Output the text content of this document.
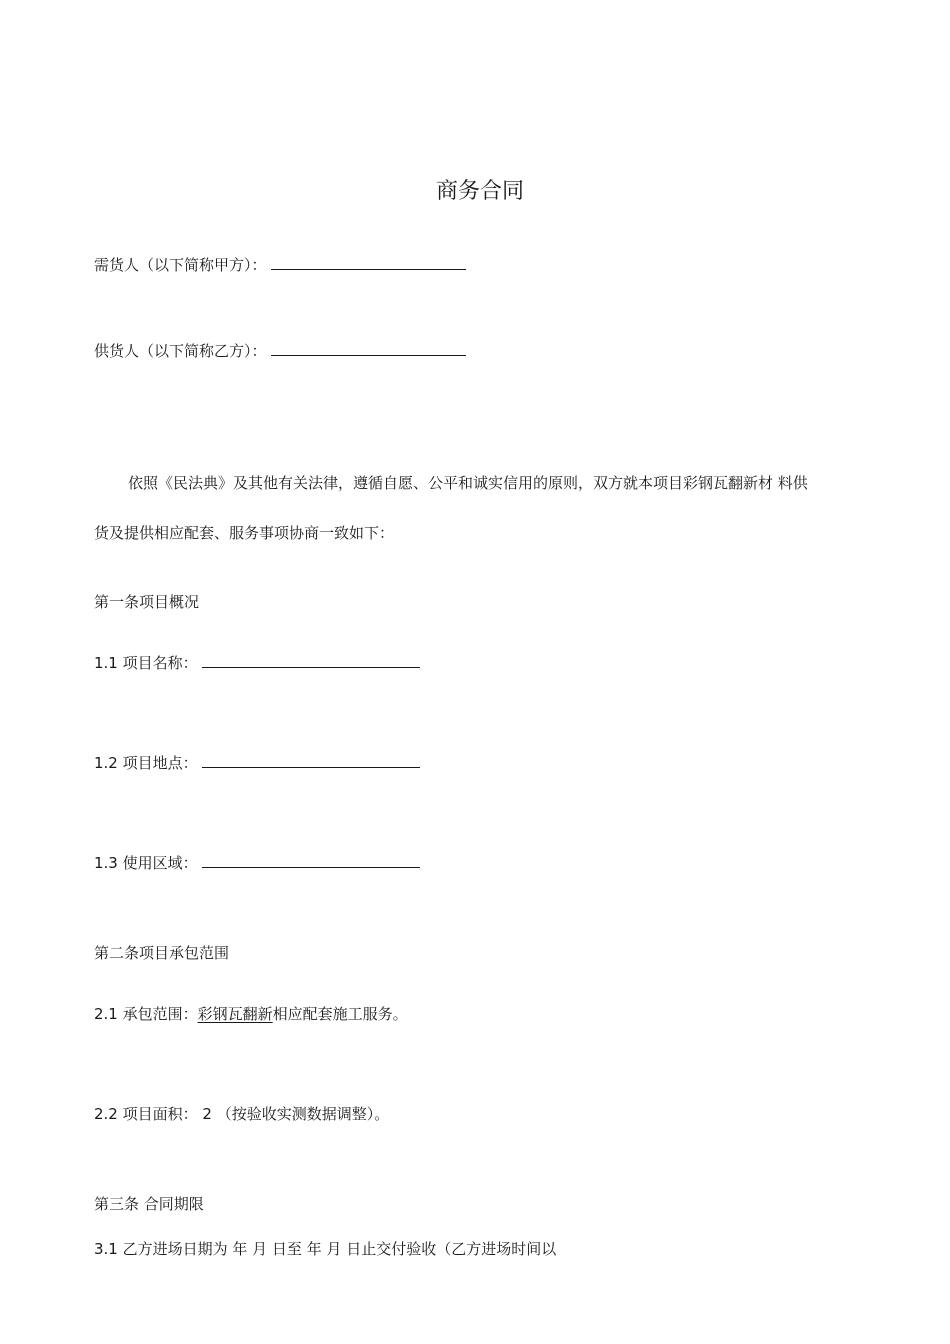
商务合同
需货人（以下简称甲方）：
供货人（以下简称乙方）：
依照《民法典》及其他有关法律，遵循自愿、公平和诚实信用的原则，双方就本项目彩钢瓦翻新材 料供
货及提供相应配套、服务事项协商一致如下：
第一条项目概况
1.1 项目名称：
1.2 项目地点：
1.3 使用区域：
第二条项目承包范围
2.1 承包范围：彩钢瓦翻新相应配套施工服务。
2.2 项目面积： 2 （按验收实测数据调整）。
第三条 合同期限
3.1 乙方进场日期为 年 月 日至 年 月 日止交付验收（乙方进场时间以
